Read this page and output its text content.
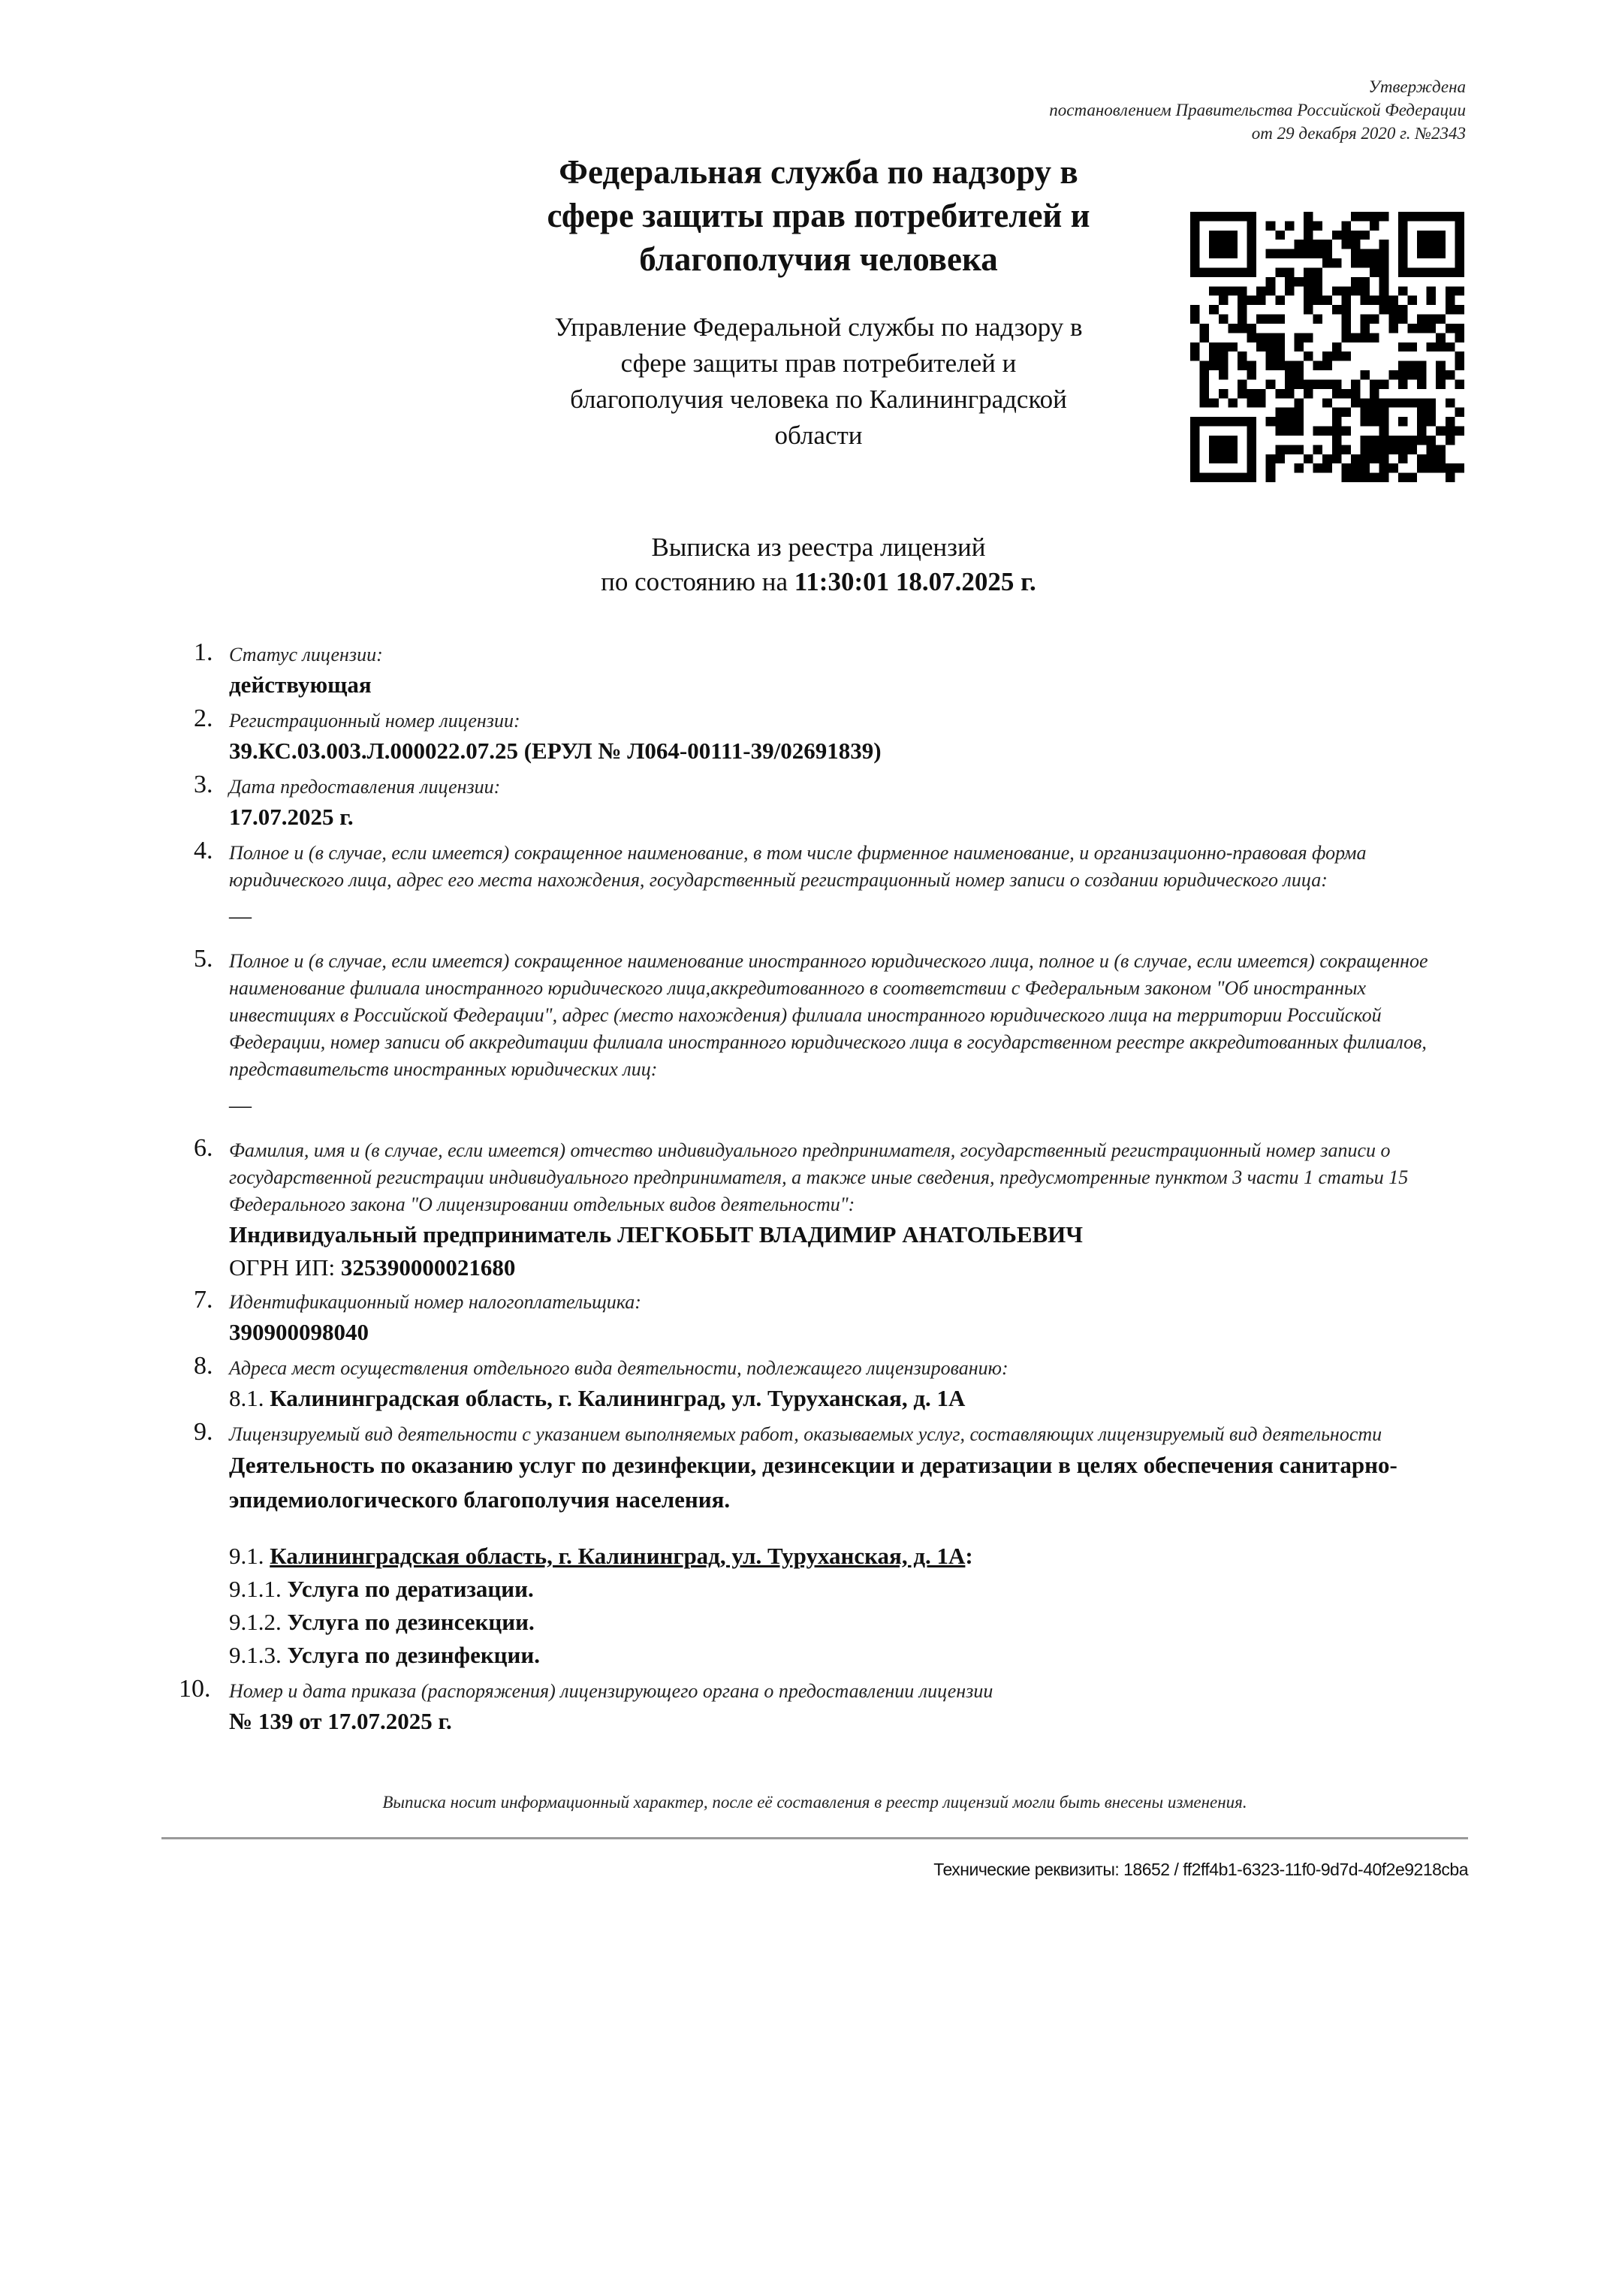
Утверждена
постановлением Правительства Российской Федерации
от 29 декабря 2020 г. №2343
Федеральная служба по надзору в
сфере защиты прав потребителей и
благополучия человека
Управление Федеральной службы по надзору в
сфере защиты прав потребителей и
благополучия человека по Калининградской
области
Выписка из реестра лицензий
по состоянию на 11:30:01 18.07.2025 г.
1. Статус лицензии:
действующая
2. Регистрационный номер лицензии:
39.КС.03.003.Л.000022.07.25 (ЕРУЛ № Л064-00111-39/02691839)
3. Дата предоставления лицензии:
17.07.2025 г.
4. Полное и (в случае, если имеется) сокращенное наименование, в том числе фирменное наименование, и организационно-правовая форма юридического лица, адрес его места нахождения, государственный регистрационный номер записи о создании юридического лица:
—
5. Полное и (в случае, если имеется) сокращенное наименование иностранного юридического лица, полное и (в случае, если имеется) сокращенное наименование филиала иностранного юридического лица,аккредитованного в соответствии с Федеральным законом "Об иностранных инвестициях в Российской Федерации", адрес (место нахождения) филиала иностранного юридического лица на территории Российской Федерации, номер записи об аккредитации филиала иностранного юридического лица в государственном реестре аккредитованных филиалов, представительств иностранных юридических лиц:
—
6. Фамилия, имя и (в случае, если имеется) отчество индивидуального предпринимателя, государственный регистрационный номер записи о государственной регистрации индивидуального предпринимателя, а также иные сведения, предусмотренные пунктом 3 части 1 статьи 15 Федерального закона "О лицензировании отдельных видов деятельности":
Индивидуальный предприниматель ЛЕГКОБЫТ ВЛАДИМИР АНАТОЛЬЕВИЧ
ОГРН ИП: 325390000021680
7. Идентификационный номер налогоплательщика:
390900098040
8. Адреса мест осуществления отдельного вида деятельности, подлежащего лицензированию:
8.1. Калининградская область, г. Калининград, ул. Туруханская, д. 1А
9. Лицензируемый вид деятельности с указанием выполняемых работ, оказываемых услуг, составляющих лицензируемый вид деятельности
Деятельность по оказанию услуг по дезинфекции, дезинсекции и дератизации в целях обеспечения санитарно-эпидемиологического благополучия населения.
9.1. Калининградская область, г. Калининград, ул. Туруханская, д. 1А:
9.1.1. Услуга по дератизации.
9.1.2. Услуга по дезинсекции.
9.1.3. Услуга по дезинфекции.
10. Номер и дата приказа (распоряжения) лицензирующего органа о предоставлении лицензии
№ 139 от 17.07.2025 г.
Выписка носит информационный характер, после её составления в реестр лицензий могли быть внесены изменения.
Технические реквизиты: 18652 / ff2ff4b1-6323-11f0-9d7d-40f2e9218cba
